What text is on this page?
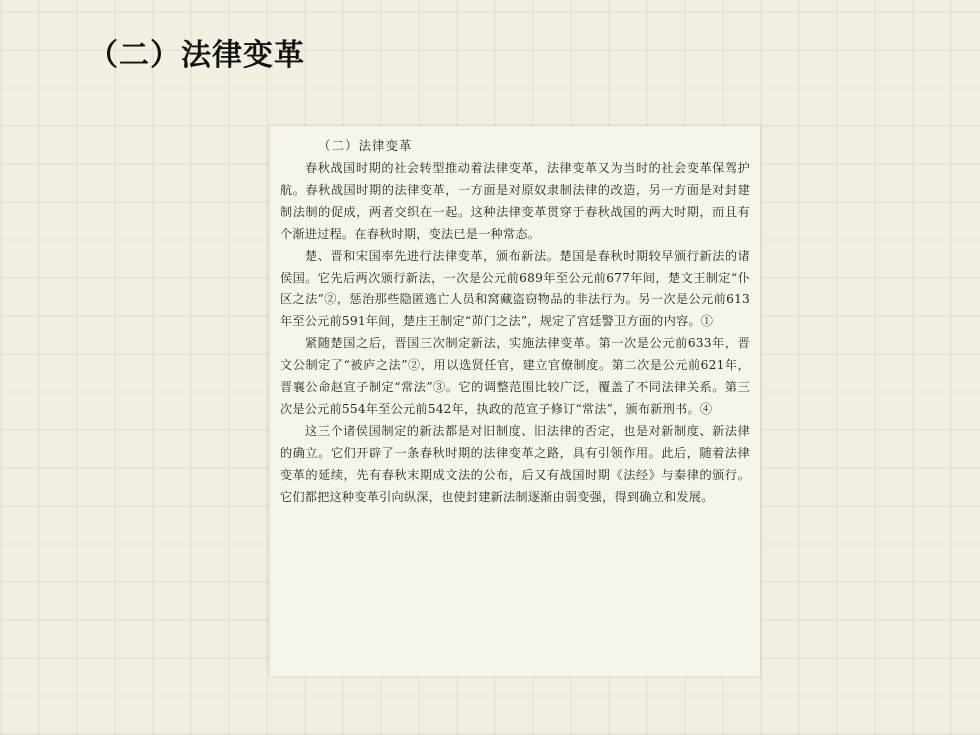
（二）法律变革
（二）法律变革

春秋战国时期的社会转型推动着法律变革，法律变革又为当时的社会变革保驾护航。春秋战国时期的法律变革，一方面是对原奴隶制法律的改造，另一方面是对封建制法制的促成，两者交织在一起。这种法律变革贯穿于春秋战国的两大时期，而且有个渐进过程。在春秋时期，变法已是一种常态。

楚、晋和宋国率先进行法律变革，颁布新法。楚国是春秋时期较早颁行新法的诸侯国。它先后两次颁行新法，一次是公元前689年至公元前677年间，楚文王制定“仆区之法”②，惩治那些隐匿逃亡人员和窝藏盗窃物品的非法行为。另一次是公元前613年至公元前591年间，楚庄王制定“茆门之法”，规定了宫廷警卫方面的内容。①

紧随楚国之后，晋国三次制定新法，实施法律变革。第一次是公元前633年，晋文公制定了“被庐之法”②，用以选贤任官，建立官僚制度。第二次是公元前621年，晋襄公命赵宣子制定“常法”③。它的调整范围比较广泛，覆盖了不同法律关系。第三次是公元前554年至公元前542年，执政的范宣子修订“常法”，颁布新刑书。④

这三个诸侯国制定的新法都是对旧制度、旧法律的否定，也是对新制度、新法律的确立。它们开辟了一条春秋时期的法律变革之路，具有引领作用。此后，随着法律变革的延续，先有春秋末期成文法的公布，后又有战国时期《法经》与秦律的颁行。它们都把这种变革引向纵深，也使封建新法制逐渐由弱变强，得到确立和发展。
